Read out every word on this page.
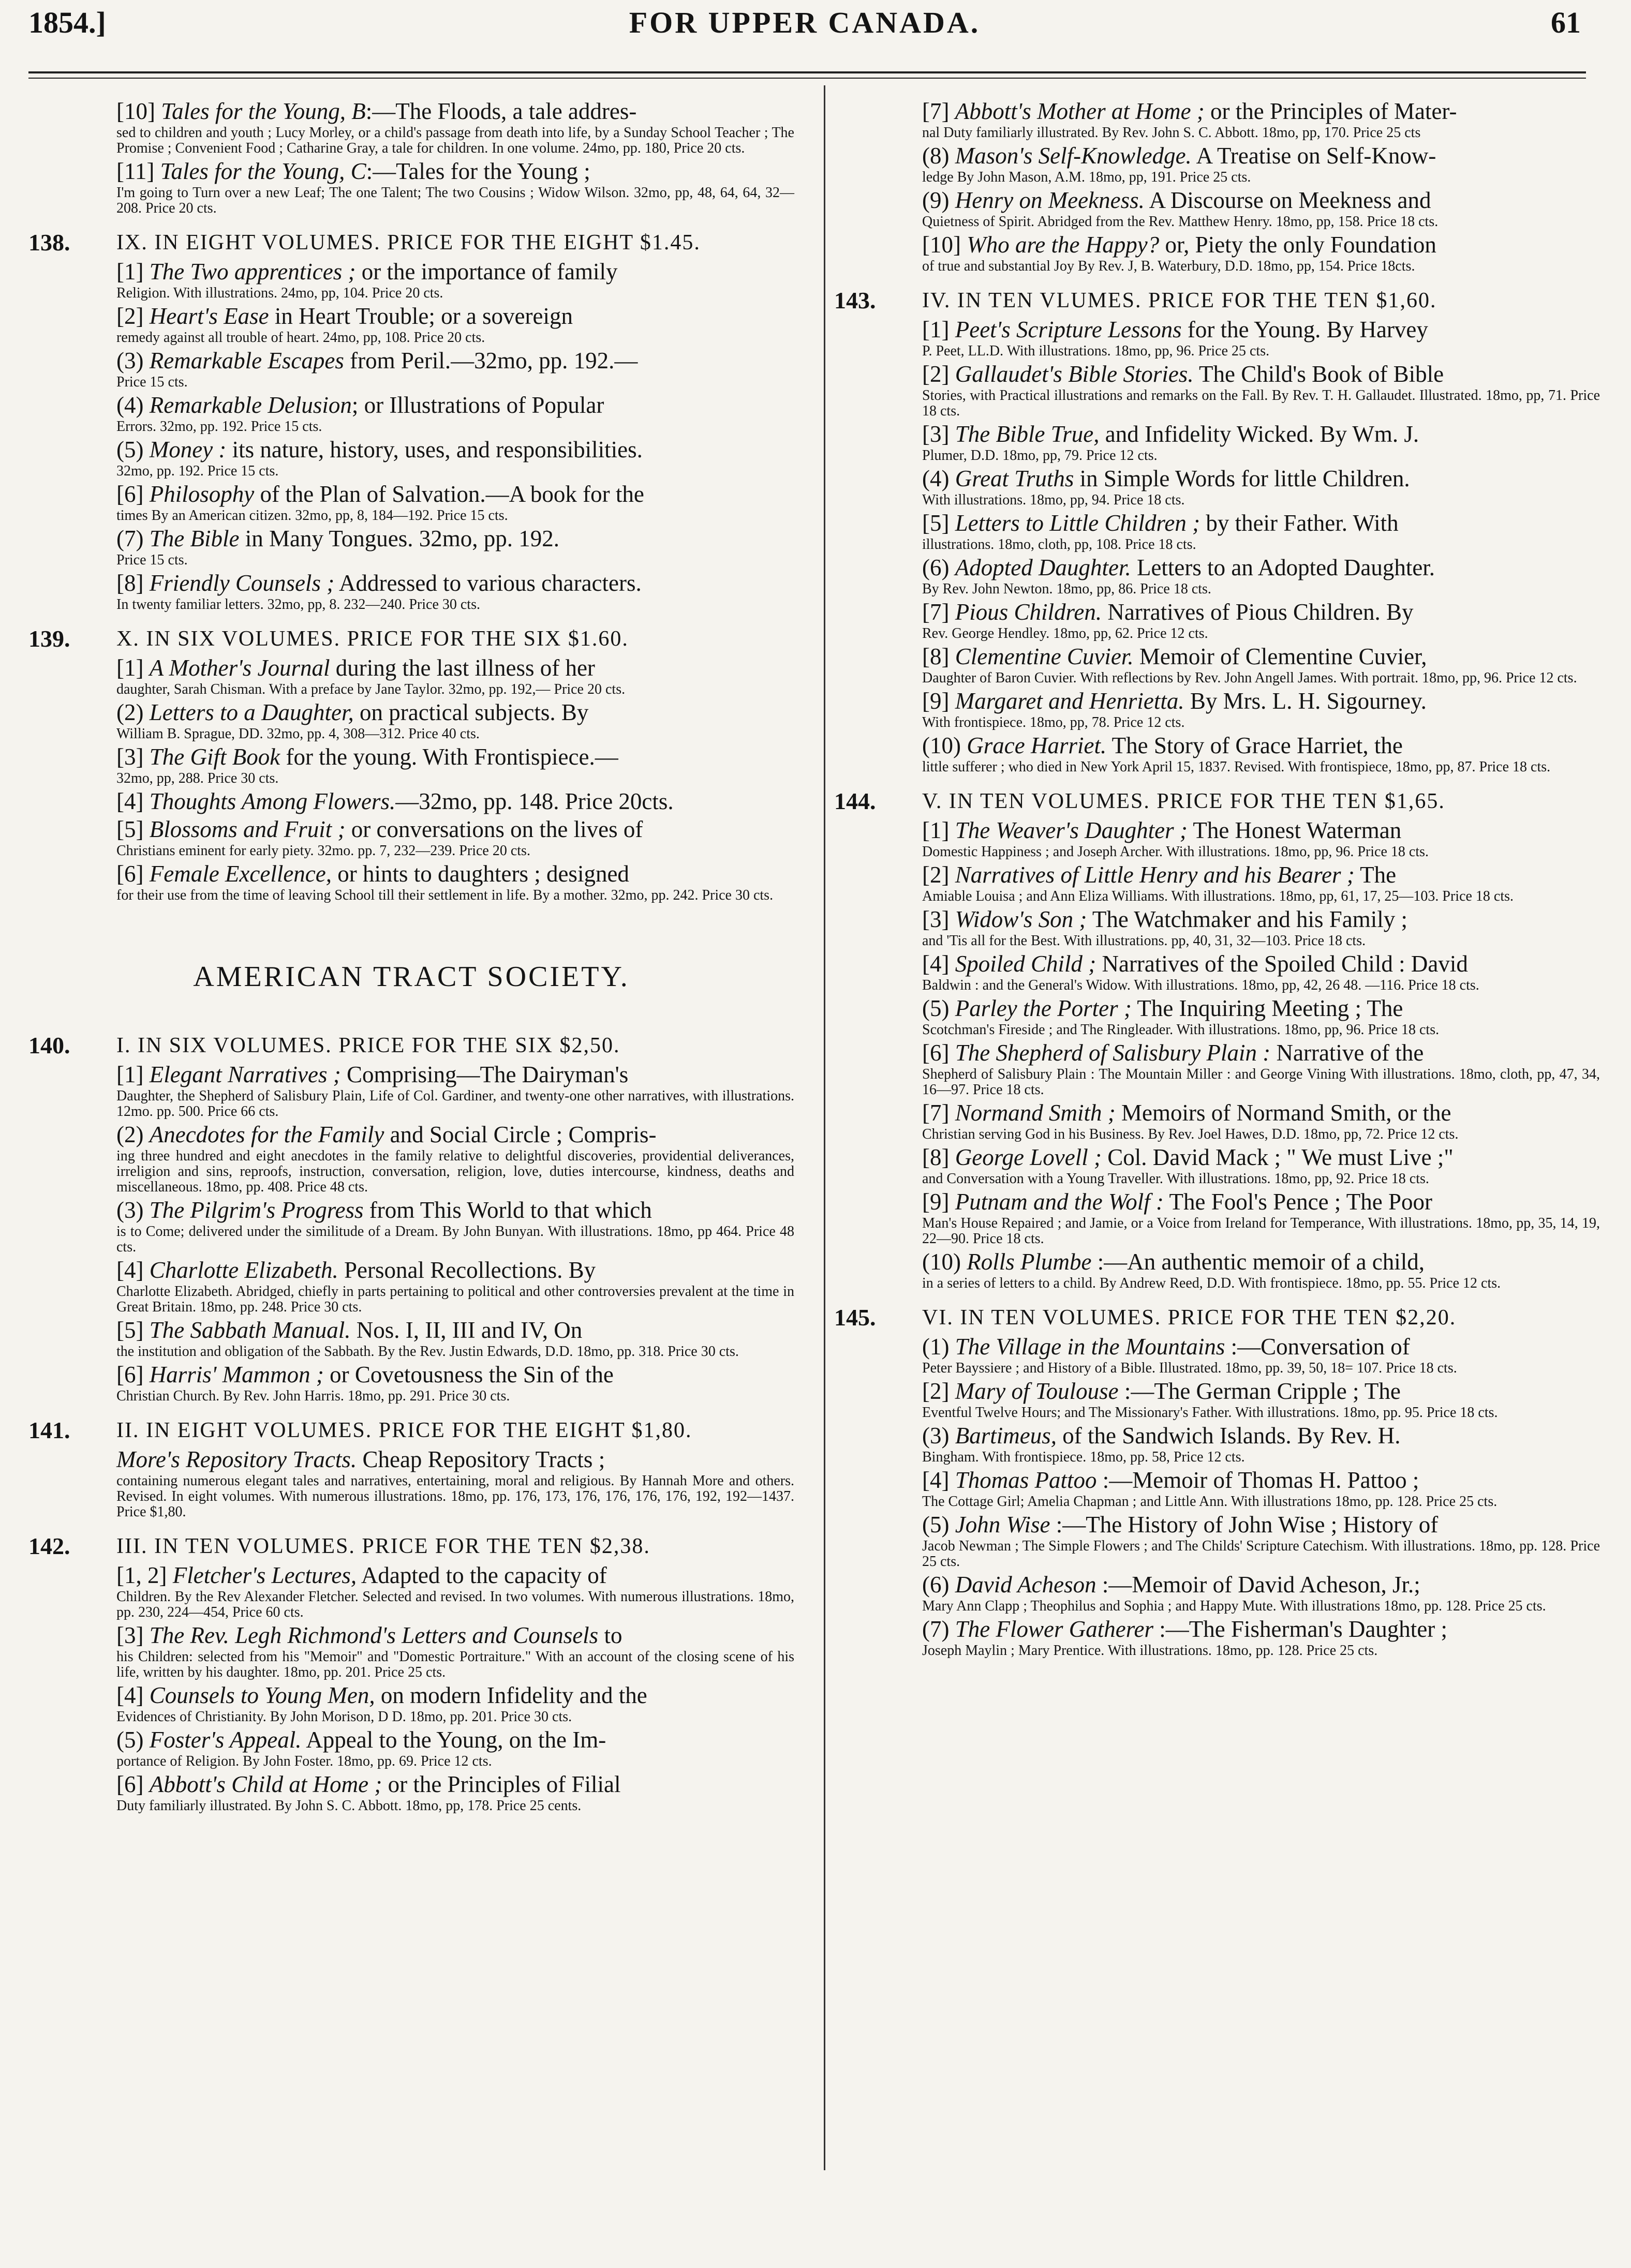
1854.]	FOR UPPER CANADA.	61
[10] Tales for the Young, B:—The Floods, a tale addres-
sed to children and youth ; Lucy Morley, or a child's passage from death into life, by a Sunday School Teacher ; The Promise ; Convenient Food ; Catharine Gray, a tale for children. In one volume. 24mo, pp. 180, Price 20 cts.
[11] Tales for the Young, C:—Tales for the Young ;
I'm going to Turn over a new Leaf; The one Talent; The two Cousins ; Widow Wilson. 32mo, pp, 48, 64, 64, 32—208. Price 20 cts.
138. IX. IN EIGHT VOLUMES. PRICE FOR THE EIGHT $1.45.
[1] The Two apprentices ; or the importance of family
Religion. With illustrations. 24mo, pp, 104. Price 20 cts.
[2] Heart's Ease in Heart Trouble; or a sovereign
remedy against all trouble of heart. 24mo, pp, 108. Price 20 cts.
(3) Remarkable Escapes from Peril.—32mo, pp. 192.—
Price 15 cts.
(4) Remarkable Delusion; or Illustrations of Popular
Errors. 32mo, pp. 192. Price 15 cts.
(5) Money : its nature, history, uses, and responsibilities.
32mo, pp. 192. Price 15 cts.
[6] Philosophy of the Plan of Salvation.—A book for the
times By an American citizen. 32mo, pp, 8, 184—192. Price 15 cts.
(7) The Bible in Many Tongues. 32mo, pp. 192.
Price 15 cts.
[8] Friendly Counsels ; Addressed to various characters.
In twenty familiar letters. 32mo, pp, 8. 232—240. Price 30 cts.
139. X. IN SIX VOLUMES. PRICE FOR THE SIX $1.60.
[1] A Mother's Journal during the last illness of her
daughter, Sarah Chisman. With a preface by Jane Taylor. 32mo, pp. 192,— Price 20 cts.
(2) Letters to a Daughter, on practical subjects. By
William B. Sprague, DD. 32mo, pp. 4, 308—312. Price 40 cts.
[3] The Gift Book for the young. With Frontispiece.—
32mo, pp, 288. Price 30 cts.
[4] Thoughts Among Flowers.—32mo, pp. 148. Price 20cts.
[5] Blossoms and Fruit ; or conversations on the lives of
Christians eminent for early piety. 32mo. pp. 7, 232—239. Price 20 cts.
[6] Female Excellence, or hints to daughters ; designed
for their use from the time of leaving School till their settlement in life. By a mother. 32mo, pp. 242. Price 30 cts.
AMERICAN TRACT SOCIETY.
140. I. IN SIX VOLUMES. PRICE FOR THE SIX $2,50.
[1] Elegant Narratives ; Comprising—The Dairyman's
Daughter, the Shepherd of Salisbury Plain, Life of Col. Gardiner, and twenty-one other narratives, with illustrations. 12mo. pp. 500. Price 66 cts.
(2) Anecdotes for the Family and Social Circle ; Compris-
ing three hundred and eight anecdotes in the family relative to delightful discoveries, providential deliverances, irreligion and sins, reproofs, instruction, conversation, religion, love, duties intercourse, kindness, deaths and miscellaneous. 18mo, pp. 408. Price 48 cts.
(3) The Pilgrim's Progress from This World to that which
is to Come; delivered under the similitude of a Dream. By John Bunyan. With illustrations. 18mo, pp 464. Price 48 cts.
[4] Charlotte Elizabeth. Personal Recollections. By
Charlotte Elizabeth. Abridged, chiefly in parts pertaining to political and other controversies prevalent at the time in Great Britain. 18mo, pp. 248. Price 30 cts.
[5] The Sabbath Manual. Nos. I, II, III and IV, On
the institution and obligation of the Sabbath. By the Rev. Justin Edwards, D.D. 18mo, pp. 318. Price 30 cts.
[6] Harris' Mammon ; or Covetousness the Sin of the
Christian Church. By Rev. John Harris. 18mo, pp. 291. Price 30 cts.
141. II. IN EIGHT VOLUMES. PRICE FOR THE EIGHT $1,80.
More's Repository Tracts. Cheap Repository Tracts ;
containing numerous elegant tales and narratives, entertaining, moral and religious. By Hannah More and others. Revised. In eight volumes. With numerous illustrations. 18mo, pp. 176, 173, 176, 176, 176, 176, 192, 192—1437. Price $1,80.
142. III. IN TEN VOLUMES. PRICE FOR THE TEN $2,38.
[1, 2] Fletcher's Lectures, Adapted to the capacity of
Children. By the Rev Alexander Fletcher. Selected and revised. In two volumes. With numerous illustrations. 18mo, pp. 230, 224—454, Price 60 cts.
[3] The Rev. Legh Richmond's Letters and Counsels to
his Children: selected from his "Memoir" and "Domestic Portraiture." With an account of the closing scene of his life, written by his daughter. 18mo, pp. 201. Price 25 cts.
[4] Counsels to Young Men, on modern Infidelity and the
Evidences of Christianity. By John Morison, D D. 18mo, pp. 201. Price 30 cts.
(5) Foster's Appeal. Appeal to the Young, on the Im-
portance of Religion. By John Foster. 18mo, pp. 69. Price 12 cts.
[6] Abbott's Child at Home ; or the Principles of Filial
Duty familiarly illustrated. By John S. C. Abbott. 18mo, pp, 178. Price 25 cents.
[7] Abbott's Mother at Home ; or the Principles of Mater-
nal Duty familiarly illustrated. By Rev. John S. C. Abbott. 18mo, pp, 170. Price 25 cts
(8) Mason's Self-Knowledge. A Treatise on Self-Know-
ledge By John Mason, A.M. 18mo, pp, 191. Price 25 cts.
(9) Henry on Meekness. A Discourse on Meekness and
Quietness of Spirit. Abridged from the Rev. Matthew Henry. 18mo, pp, 158. Price 18 cts.
[10] Who are the Happy? or, Piety the only Foundation
of true and substantial Joy By Rev. J, B. Waterbury, D.D. 18mo, pp, 154. Price 18cts.
143. IV. IN TEN VLUMES. PRICE FOR THE TEN $1,60.
[1] Peet's Scripture Lessons for the Young. By Harvey
P. Peet, LL.D. With illustrations. 18mo, pp, 96. Price 25 cts.
[2] Gallaudet's Bible Stories. The Child's Book of Bible
Stories, with Practical illustrations and remarks on the Fall. By Rev. T. H. Gallaudet. Illustrated. 18mo, pp, 71. Price 18 cts.
[3] The Bible True, and Infidelity Wicked. By Wm. J.
Plumer, D.D. 18mo, pp, 79. Price 12 cts.
(4) Great Truths in Simple Words for little Children.
With illustrations. 18mo, pp, 94. Price 18 cts.
[5] Letters to Little Children ; by their Father. With
illustrations. 18mo, cloth, pp, 108. Price 18 cts.
(6) Adopted Daughter. Letters to an Adopted Daughter.
By Rev. John Newton. 18mo, pp, 86. Price 18 cts.
[7] Pious Children. Narratives of Pious Children. By
Rev. George Hendley. 18mo, pp, 62. Price 12 cts.
[8] Clementine Cuvier. Memoir of Clementine Cuvier,
Daughter of Baron Cuvier. With reflections by Rev. John Angell James. With portrait. 18mo, pp, 96. Price 12 cts.
[9] Margaret and Henrietta. By Mrs. L. H. Sigourney.
With frontispiece. 18mo, pp, 78. Price 12 cts.
(10) Grace Harriet. The Story of Grace Harriet, the
little sufferer ; who died in New York April 15, 1837. Revised. With frontispiece, 18mo, pp, 87. Price 18 cts.
144. V. IN TEN VOLUMES. PRICE FOR THE TEN $1,65.
[1] The Weaver's Daughter ; The Honest Waterman
Domestic Happiness ; and Joseph Archer. With illustrations. 18mo, pp, 96. Price 18 cts.
[2] Narratives of Little Henry and his Bearer ; The
Amiable Louisa ; and Ann Eliza Williams. With illustrations. 18mo, pp, 61, 17, 25—103. Price 18 cts.
[3] Widow's Son ; The Watchmaker and his Family ;
and 'Tis all for the Best. With illustrations. pp, 40, 31, 32—103. Price 18 cts.
[4] Spoiled Child ; Narratives of the Spoiled Child : David
Baldwin : and the General's Widow. With illustrations. 18mo, pp, 42, 26 48. —116. Price 18 cts.
(5) Parley the Porter ; The Inquiring Meeting ; The
Scotchman's Fireside ; and The Ringleader. With illustrations. 18mo, pp, 96. Price 18 cts.
[6] The Shepherd of Salisbury Plain : Narrative of the
Shepherd of Salisbury Plain : The Mountain Miller : and George Vining With illustrations. 18mo, cloth, pp, 47, 34, 16—97. Price 18 cts.
[7] Normand Smith ; Memoirs of Normand Smith, or the
Christian serving God in his Business. By Rev. Joel Hawes, D.D. 18mo, pp, 72. Price 12 cts.
[8] George Lovell ; Col. David Mack ; " We must Live ;"
and Conversation with a Young Traveller. With illustrations. 18mo, pp, 92. Price 18 cts.
[9] Putnam and the Wolf : The Fool's Pence ; The Poor
Man's House Repaired ; and Jamie, or a Voice from Ireland for Temperance, With illustrations. 18mo, pp, 35, 14, 19, 22—90. Price 18 cts.
(10) Rolls Plumbe :—An authentic memoir of a child,
in a series of letters to a child. By Andrew Reed, D.D. With frontispiece. 18mo, pp. 55. Price 12 cts.
145. VI. IN TEN VOLUMES. PRICE FOR THE TEN $2,20.
(1) The Village in the Mountains :—Conversation of
Peter Bayssiere ; and History of a Bible. Illustrated. 18mo, pp. 39, 50, 18= 107. Price 18 cts.
[2] Mary of Toulouse :—The German Cripple ; The
Eventful Twelve Hours; and The Missionary's Father. With illustrations. 18mo, pp. 95. Price 18 cts.
(3) Bartimeus, of the Sandwich Islands. By Rev. H.
Bingham. With frontispiece. 18mo, pp. 58, Price 12 cts.
[4] Thomas Pattoo :—Memoir of Thomas H. Pattoo ;
The Cottage Girl; Amelia Chapman ; and Little Ann. With illustrations 18mo, pp. 128. Price 25 cts.
(5) John Wise :—The History of John Wise ; History of
Jacob Newman ; The Simple Flowers ; and The Childs' Scripture Catechism. With illustrations. 18mo, pp. 128. Price 25 cts.
(6) David Acheson :—Memoir of David Acheson, Jr.;
Mary Ann Clapp ; Theophilus and Sophia ; and Happy Mute. With illustrations 18mo, pp. 128. Price 25 cts.
(7) The Flower Gatherer :—The Fisherman's Daughter ;
Joseph Maylin ; Mary Prentice. With illustrations. 18mo, pp. 128. Price 25 cts.
